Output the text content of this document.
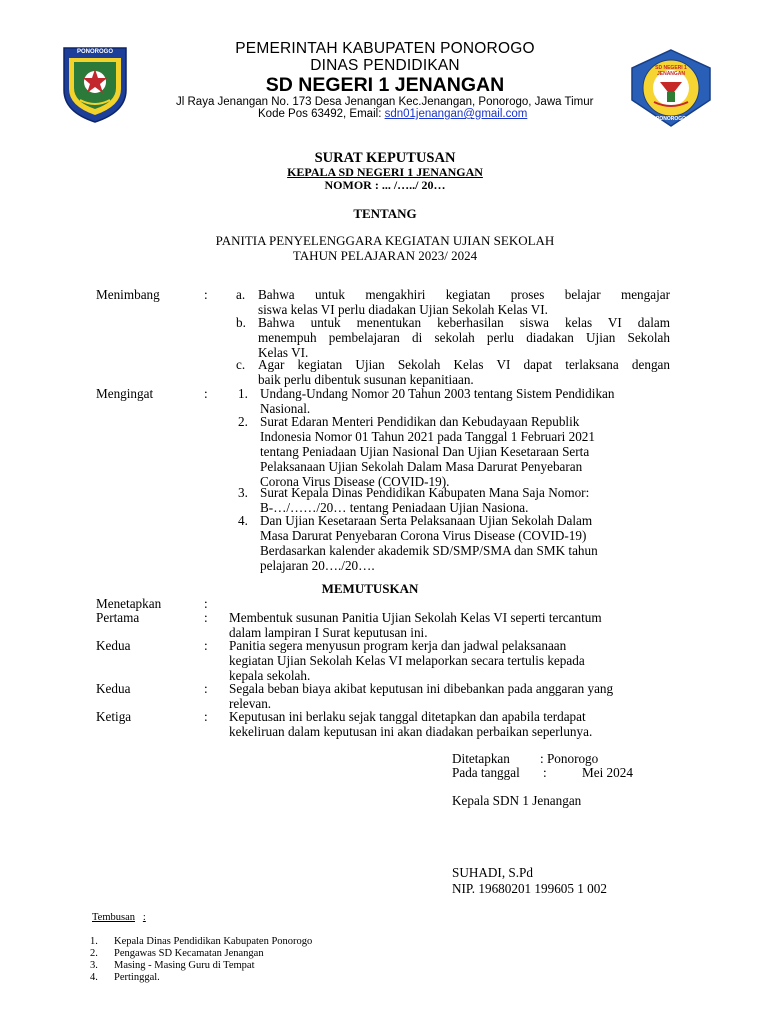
PONOROGO	PEMERINTAH KABUPATEN PONOROGO
DINAS PENDIDIKAN
SD NEGERI 1 JENANGAN
Jl Raya Jenangan No. 173 Desa Jenangan Kec.Jenangan, Ponorogo, Jawa Timur
Kode Pos 63492, Email: sdn01jenangan@gmail.com
SD NEGERI 1 JENANGAN
PONOROGO
SURAT KEPUTUSAN
KEPALA SD NEGERI 1 JENANGAN
NOMOR : ... /…../ 20…
TENTANG
PANITIA PENYELENGGARA KEGIATAN UJIAN SEKOLAH
TAHUN PELAJARAN 2023/ 2024
Menimbang	: a. Bahwa untuk mengakhiri kegiatan proses belajar mengajar
siswa kelas VI perlu diadakan Ujian Sekolah Kelas VI.
b. Bahwa untuk menentukan keberhasilan siswa kelas VI dalam
menempuh pembelajaran di sekolah perlu diadakan Ujian Sekolah
Kelas VI.
c. Agar kegiatan Ujian Sekolah Kelas VI dapat terlaksana dengan
baik perlu dibentuk susunan kepanitiaan.
Mengingat	: 1. Undang-Undang Nomor 20 Tahun 2003 tentang Sistem Pendidikan
Nasional.
2. Surat Edaran Menteri Pendidikan dan Kebudayaan Republik
Indonesia Nomor 01 Tahun 2021 pada Tanggal 1 Februari 2021
tentang Peniadaan Ujian Nasional Dan Ujian Kesetaraan Serta
Pelaksanaan Ujian Sekolah Dalam Masa Darurat Penyebaran
Corona Virus Disease (COVID-19).
3. Surat Kepala Dinas Pendidikan Kabupaten Mana Saja Nomor:
B-…/……/20… tentang Peniadaan Ujian Nasiona.
4. Dan Ujian Kesetaraan Serta Pelaksanaan Ujian Sekolah Dalam
Masa Darurat Penyebaran Corona Virus Disease (COVID-19)
Berdasarkan kalender akademik SD/SMP/SMA dan SMK tahun
pelajaran 20…./20….
MEMUTUSKAN
Menetapkan	:
Pertama	: Membentuk susunan Panitia Ujian Sekolah Kelas VI seperti tercantum
dalam lampiran I Surat keputusan ini.
Kedua	: Panitia segera menyusun program kerja dan jadwal pelaksanaan
kegiatan Ujian Sekolah Kelas VI melaporkan secara tertulis kepada
kepala sekolah.
Kedua	: Segala beban biaya akibat keputusan ini dibebankan pada anggaran yang
relevan.
Ketiga	: Keputusan ini berlaku sejak tanggal ditetapkan dan apabila terdapat
kekeliruan dalam keputusan ini akan diadakan perbaikan seperlunya.
Ditetapkan : Ponorogo
Pada tanggal :	Mei 2024
Kepala SDN 1 Jenangan
SUHADI, S.Pd
NIP. 19680201 199605 1 002
Tembusan :
1. Kepala Dinas Pendidikan Kabupaten Ponorogo
2. Pengawas SD Kecamatan Jenangan
3. Masing - Masing Guru di Tempat
4. Pertinggal.
